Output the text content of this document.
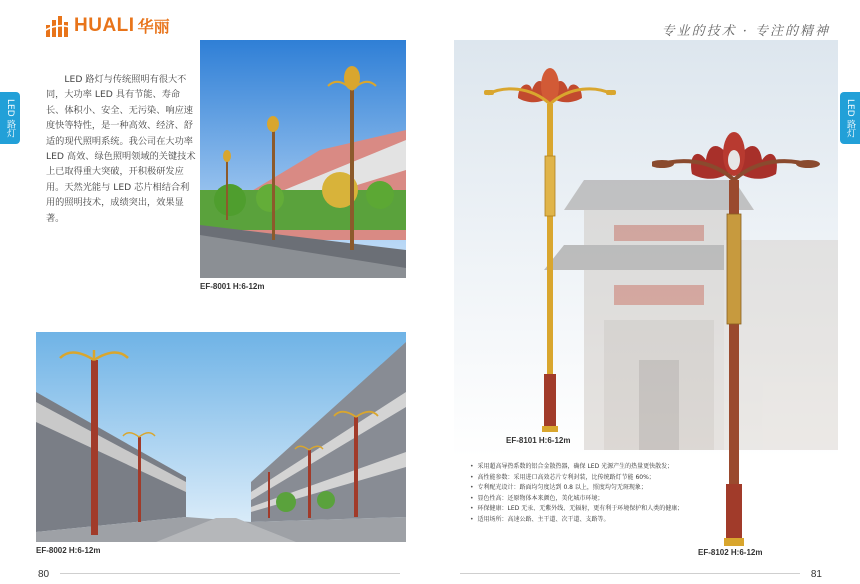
HUALI 华丽
LED 路灯

LED 路灯与传统照明有很大不同，大功率 LED 具有节能、寿命长、体积小、安全、无污染、响应速度快等特性，是一种高效、经济、舒适的现代照明系统。我公司在大功率 LED 高效、绿色照明领域的关键技术上已取得重大突破，开积极研发应用。天然光能与 LED 芯片相结合利用的照明技术，成绩突出，效果显著。

EF-8001 H:6-12m
EF-8002 H:6-12m
80
专业的技术 · 专注的精神
LED 路灯
EF-8101 H:6-12m
• 采用超高导热系数的铝合金散热器，确保 LED 光源产生的热量更快散发；
• 高性能参数：采用进口高效芯片专利封装，比传统路灯节能 60%；
• 专利配光设计：路面均匀度达到 0.8 以上，照度均匀无斑现象；
• 显色性高：还原物体本来颜色，美化城市环境；
• 环保健康：LED 无汞、无紫外线、无辐射，更有利于环境保护和人类的健康；
• 适用场所：高速公路、主干道、次干道、支路等。
EF-8102 H:6-12m
81
